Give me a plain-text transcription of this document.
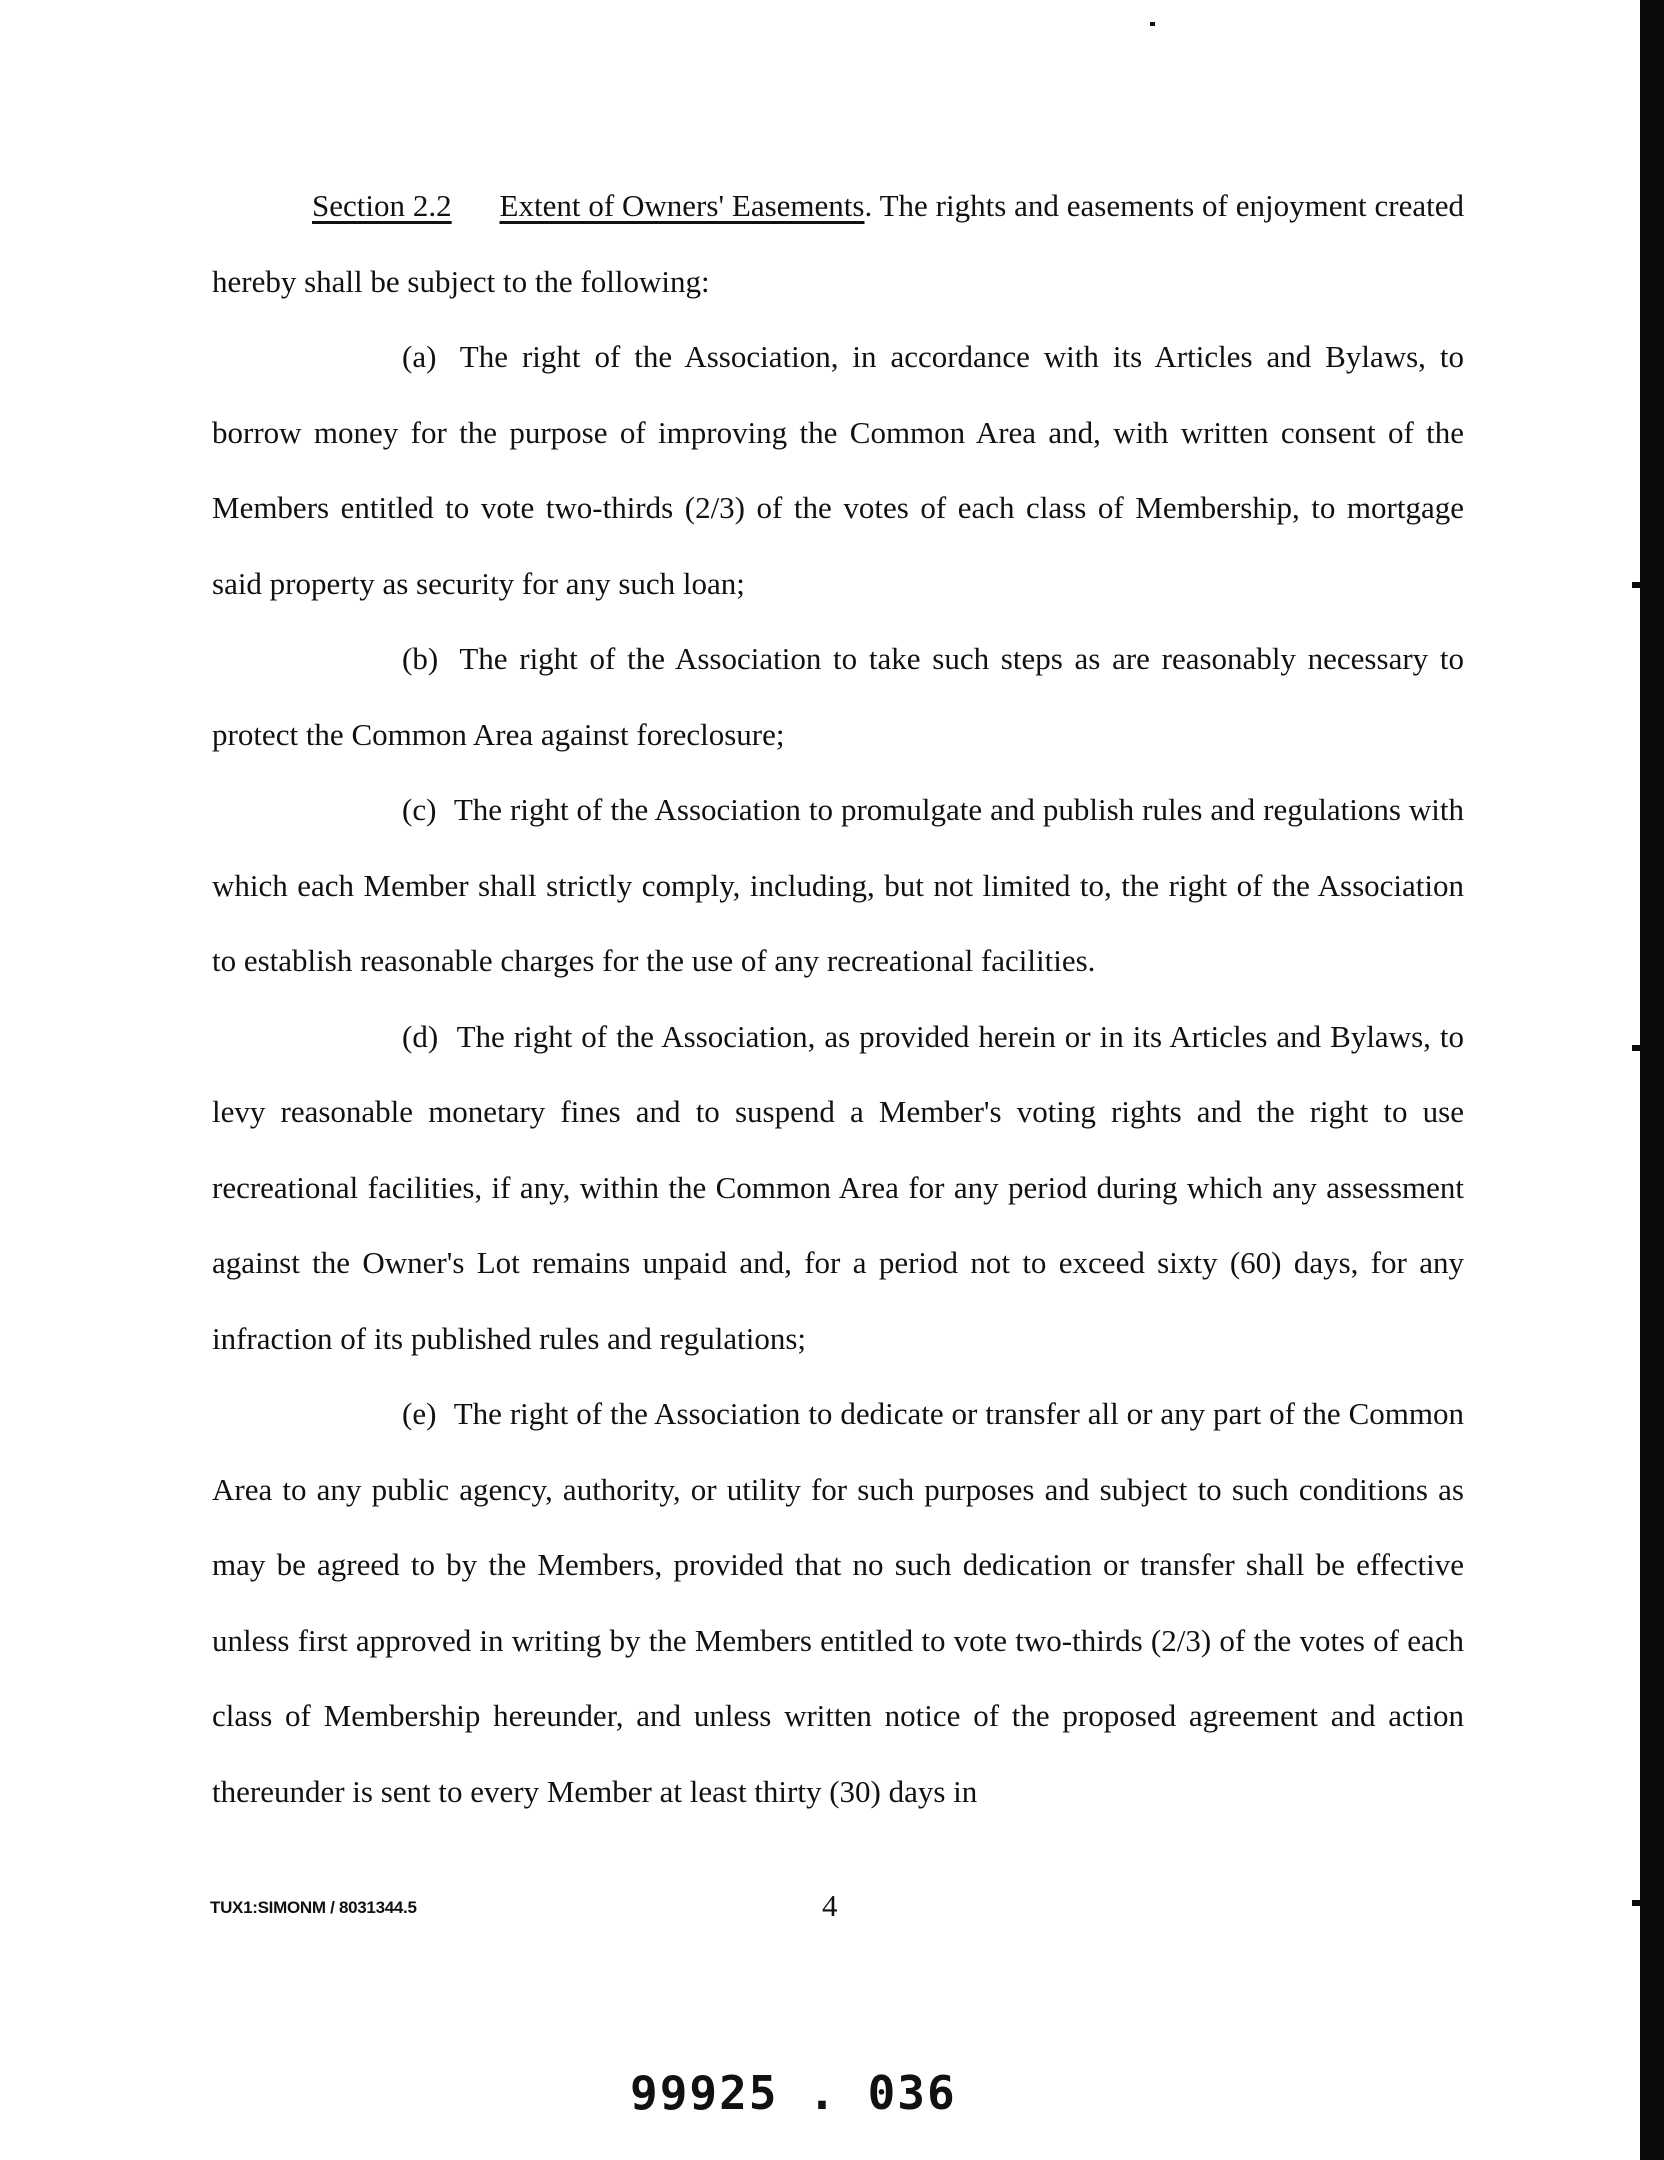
Section 2.2 Extent of Owners' Easements. The rights and easements of enjoyment created hereby shall be subject to the following:

(a) The right of the Association, in accordance with its Articles and Bylaws, to borrow money for the purpose of improving the Common Area and, with written consent of the Members entitled to vote two-thirds (2/3) of the votes of each class of Membership, to mortgage said property as security for any such loan;

(b) The right of the Association to take such steps as are reasonably necessary to protect the Common Area against foreclosure;

(c) The right of the Association to promulgate and publish rules and regulations with which each Member shall strictly comply, including, but not limited to, the right of the Association to establish reasonable charges for the use of any recreational facilities.

(d) The right of the Association, as provided herein or in its Articles and Bylaws, to levy reasonable monetary fines and to suspend a Member's voting rights and the right to use recreational facilities, if any, within the Common Area for any period during which any assessment against the Owner's Lot remains unpaid and, for a period not to exceed sixty (60) days, for any infraction of its published rules and regulations;

(e) The right of the Association to dedicate or transfer all or any part of the Common Area to any public agency, authority, or utility for such purposes and subject to such conditions as may be agreed to by the Members, provided that no such dedication or transfer shall be effective unless first approved in writing by the Members entitled to vote two-thirds (2/3) of the votes of each class of Membership hereunder, and unless written notice of the proposed agreement and action thereunder is sent to every Member at least thirty (30) days in

TUX1:SIMONM / 8031344.5	4
99925 . 036
